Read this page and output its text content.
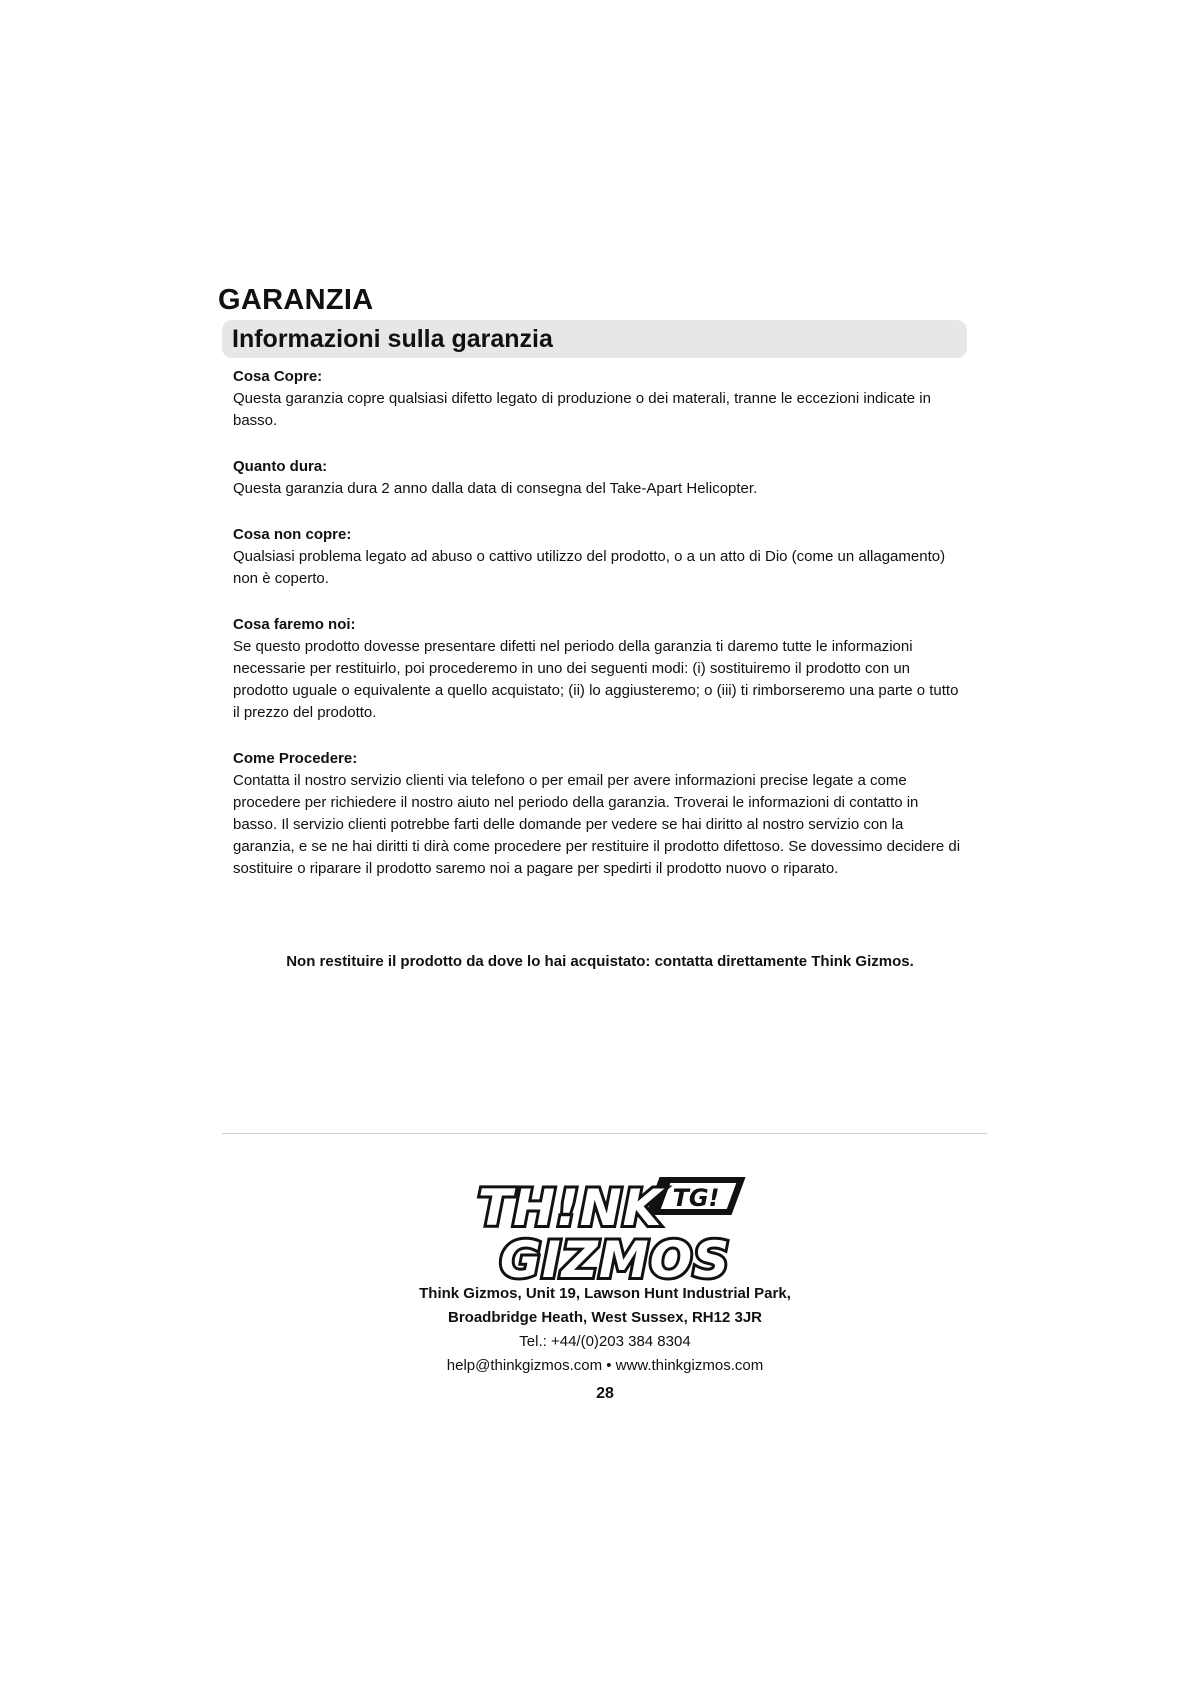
GARANZIA
Informazioni sulla garanzia
Cosa Copre:
Questa garanzia copre qualsiasi difetto legato di produzione o dei materali, tranne le eccezioni indicate in basso.
Quanto dura:
Questa garanzia dura 2 anno dalla data di consegna del Take-Apart Helicopter.
Cosa non copre:
Qualsiasi problema legato ad abuso o cattivo utilizzo del prodotto, o a un atto di Dio (come un allagamento) non è coperto.
Cosa faremo noi:
Se questo prodotto dovesse presentare difetti nel periodo della garanzia ti daremo tutte le informazioni necessarie per restituirlo, poi procederemo in uno dei seguenti modi: (i) sostituiremo il prodotto con un prodotto uguale o equivalente a quello acquistato; (ii) lo aggiusteremo; o (iii) ti rimborseremo una parte o tutto il prezzo del prodotto.
Come Procedere:
Contatta il nostro servizio clienti via telefono o per email per avere informazioni precise legate a come procedere per richiedere il nostro aiuto nel periodo della garanzia. Troverai le informazioni di contatto in basso. Il servizio clienti potrebbe farti delle domande per vedere se hai diritto al nostro servizio con la garanzia, e se ne hai diritti ti dirà come procedere per restituire il prodotto difettoso. Se dovessimo decidere di sostituire o riparare il prodotto saremo noi a pagare per spedirti il prodotto nuovo o riparato.
Non restituire il prodotto da dove lo hai acquistato: contatta direttamente Think Gizmos.
TG!
TH!NK
GIZMOS
Think Gizmos, Unit 19, Lawson Hunt Industrial Park,
Broadbridge Heath, West Sussex, RH12 3JR
Tel.: +44/(0)203 384 8304
help@thinkgizmos.com • www.thinkgizmos.com
28
